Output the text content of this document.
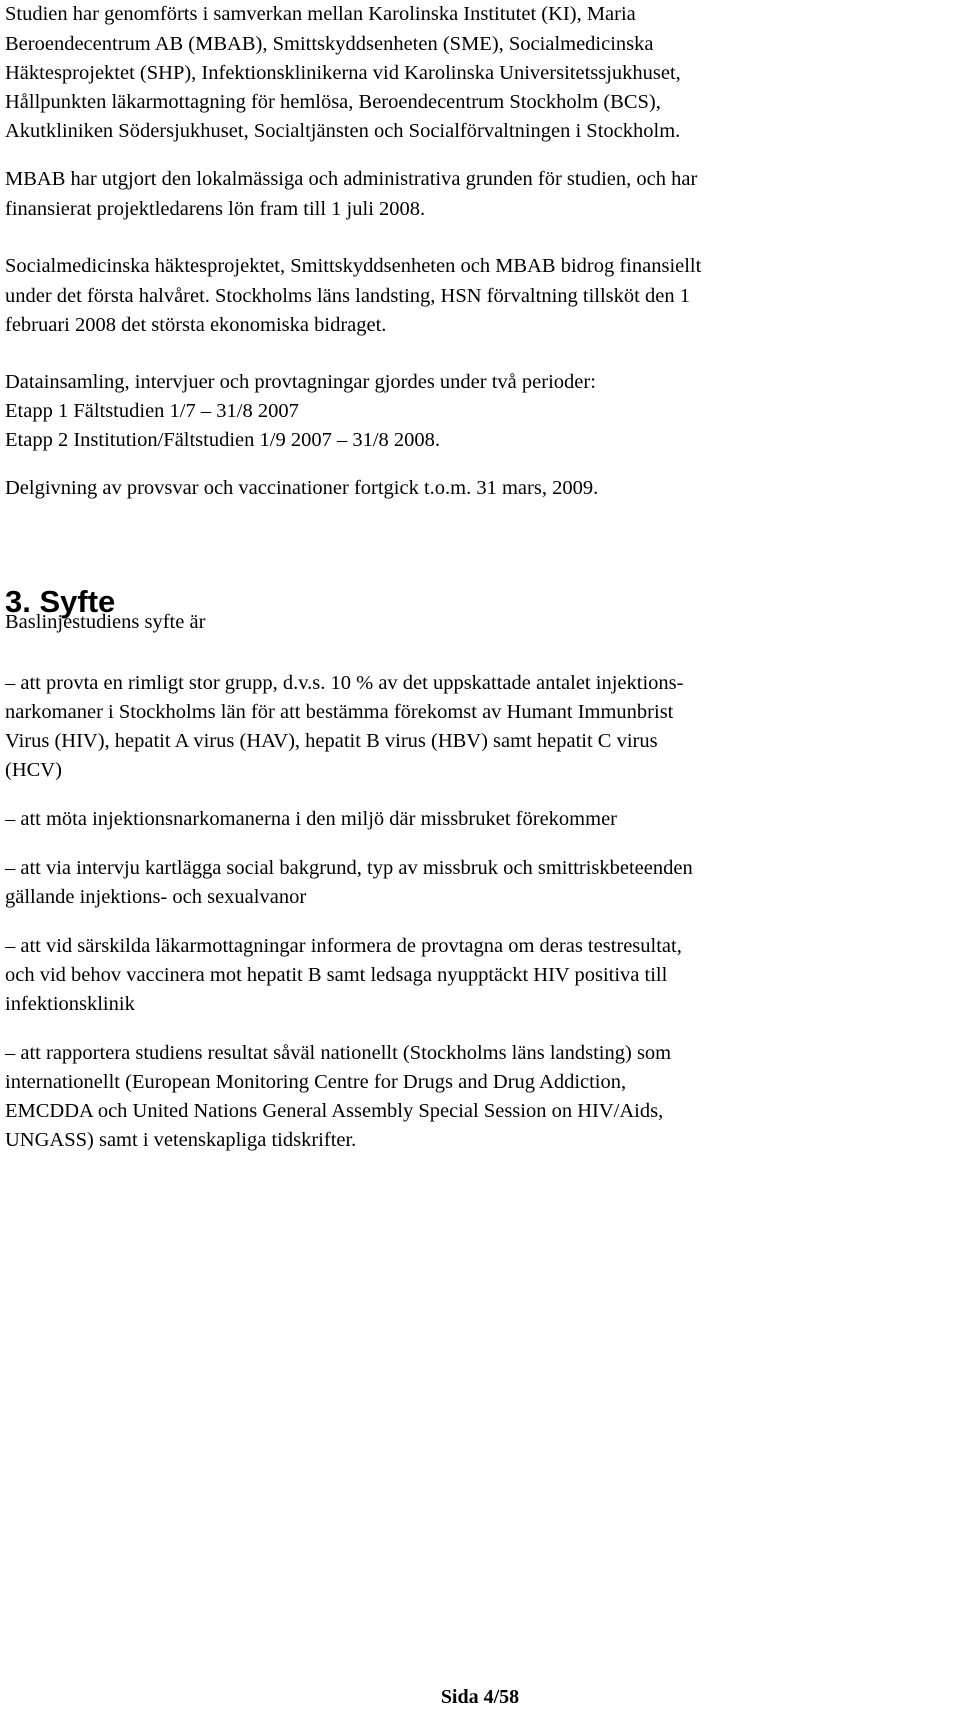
Studien har genomförts i samverkan mellan Karolinska Institutet (KI), Maria
Beroendecentrum AB (MBAB), Smittskyddsenheten (SME), Socialmedicinska
Häktesprojektet (SHP), Infektionsklinikerna vid Karolinska Universitetssjukhuset,
Hållpunkten läkarmottagning för hemlösa, Beroendecentrum Stockholm (BCS),
Akutkliniken Södersjukhuset, Socialtjänsten och Socialförvaltningen i Stockholm.
MBAB har utgjort den lokalmässiga och administrativa grunden för studien, och har
finansierat projektledarens lön fram till 1 juli 2008.
Socialmedicinska häktesprojektet, Smittskyddsenheten och MBAB bidrog finansiellt
under det första halvåret. Stockholms läns landsting, HSN förvaltning tillsköt den 1
februari 2008 det största ekonomiska bidraget.
Datainsamling, intervjuer och provtagningar gjordes under två perioder:
Etapp 1 Fältstudien 1/7 – 31/8 2007
Etapp 2 Institution/Fältstudien 1/9 2007 – 31/8 2008.
Delgivning av provsvar och vaccinationer fortgick t.o.m. 31 mars, 2009.
3. Syfte
Baslinjestudiens syfte är
– att provta en rimligt stor grupp, d.v.s. 10 % av det uppskattade antalet injektions-
narkomaner i Stockholms län för att bestämma förekomst av Humant Immunbrist
Virus (HIV), hepatit A virus (HAV), hepatit B virus (HBV) samt hepatit C virus
(HCV)
– att möta injektionsnarkomanerna i den miljö där missbruket förekommer
– att via intervju kartlägga social bakgrund, typ av missbruk och smittriskbeteenden
gällande injektions- och sexualvanor
– att vid särskilda läkarmottagningar informera de provtagna om deras testresultat,
och vid behov vaccinera mot hepatit B samt ledsaga nyupptäckt HIV positiva till
infektionsklinik
– att rapportera studiens resultat såväl nationellt (Stockholms läns landsting) som
internationellt (European Monitoring Centre for Drugs and Drug Addiction,
EMCDDA och United Nations General Assembly Special Session on HIV/Aids,
UNGASS) samt i vetenskapliga tidskrifter.
Sida 4/58
